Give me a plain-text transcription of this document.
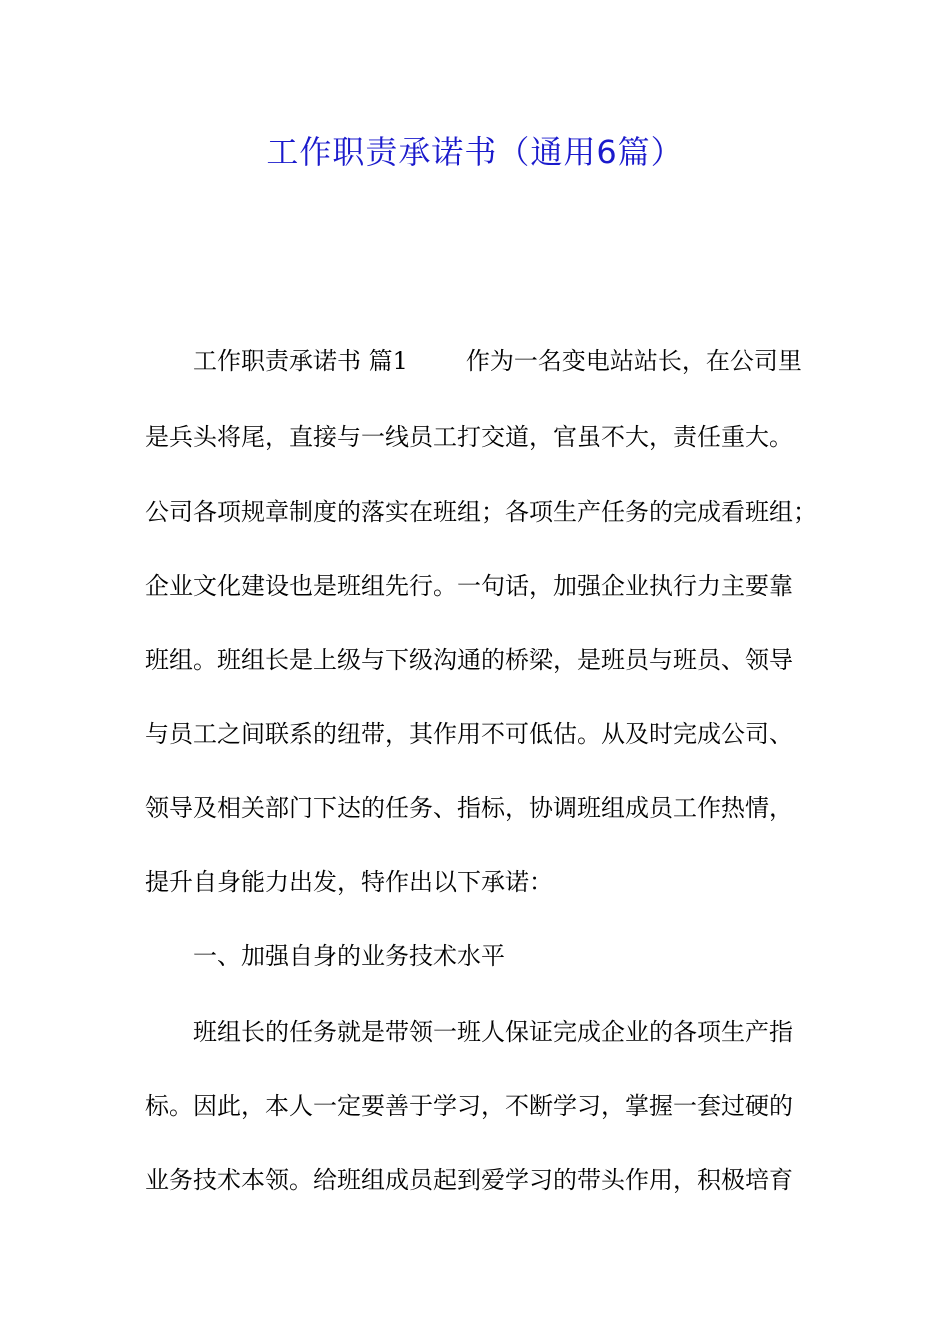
工作职责承诺书（通用6篇）
工作职责承诺书 篇1 作为一名变电站站长，在公司里
是兵头将尾，直接与一线员工打交道，官虽不大，责任重大。
公司各项规章制度的落实在班组；各项生产任务的完成看班组；
企业文化建设也是班组先行。一句话，加强企业执行力主要靠
班组。班组长是上级与下级沟通的桥梁，是班员与班员、领导
与员工之间联系的纽带，其作用不可低估。从及时完成公司、
领导及相关部门下达的任务、指标，协调班组成员工作热情，
提升自身能力出发，特作出以下承诺：
一、加强自身的业务技术水平
班组长的任务就是带领一班人保证完成企业的各项生产指
标。因此，本人一定要善于学习，不断学习，掌握一套过硬的
业务技术本领。给班组成员起到爱学习的带头作用，积极培育
